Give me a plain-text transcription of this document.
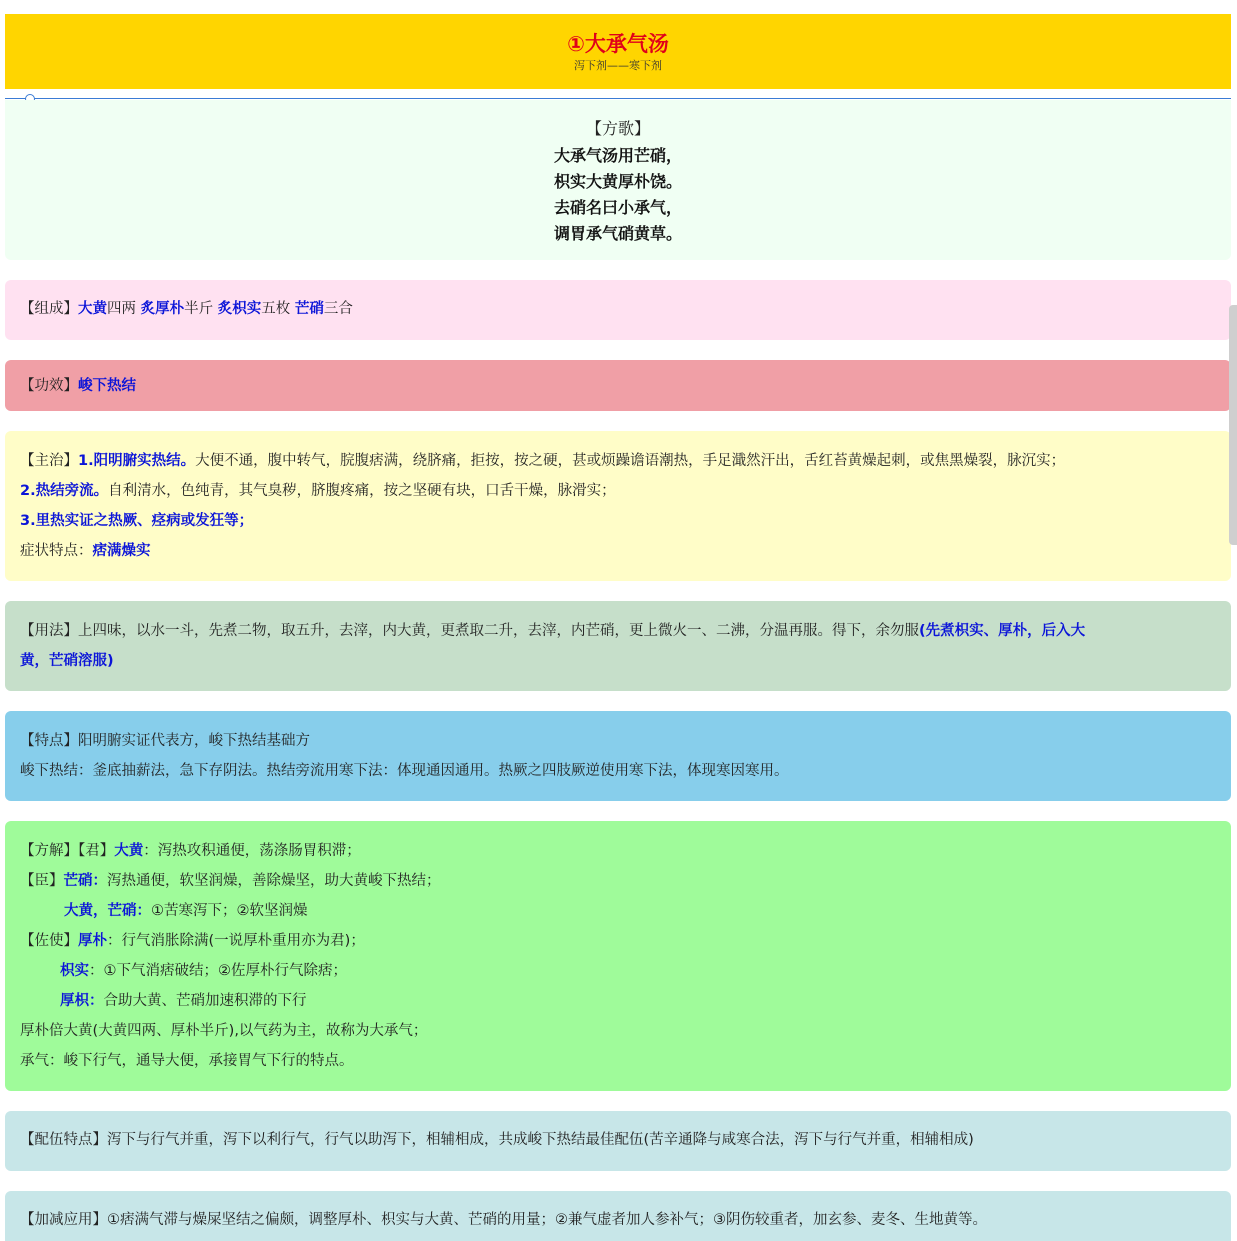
①大承气汤
泻下剂——寒下剂
【方歌】
大承气汤用芒硝，
枳实大黄厚朴饶。
去硝名曰小承气，
调胃承气硝黄草。
【组成】大黄四两 炙厚朴半斤 炙枳实五枚 芒硝三合
【功效】峻下热结
【主治】1.阳明腑实热结。大便不通，腹中转气，脘腹痞满，绕脐痛，拒按，按之硬，甚或烦躁谵语潮热，手足濈然汗出，舌红苔黄燥起刺，或焦黑燥裂，脉沉实；
2.热结旁流。自利清水，色纯青，其气臭秽，脐腹疼痛，按之坚硬有块，口舌干燥，脉滑实；
3.里热实证之热厥、痉病或发狂等；
症状特点：痞满燥实
【用法】上四味，以水一斗，先煮二物，取五升，去滓，内大黄，更煮取二升，去滓，内芒硝，更上微火一、二沸，分温再服。得下，余勿服(先煮枳实、厚朴，后入大
黄，芒硝溶服)
【特点】阳明腑实证代表方，峻下热结基础方
峻下热结：釜底抽薪法，急下存阴法。热结旁流用寒下法：体现通因通用。热厥之四肢厥逆使用寒下法，体现寒因寒用。
【方解】【君】大黄：泻热攻积通便，荡涤肠胃积滞；
【臣】芒硝：泻热通便，软坚润燥，善除燥坚，助大黄峻下热结；
大黄，芒硝：①苦寒泻下；②软坚润燥
【佐使】厚朴：行气消胀除满(一说厚朴重用亦为君)；
枳实：①下气消痞破结；②佐厚朴行气除痞；
厚枳：合助大黄、芒硝加速积滞的下行
厚朴倍大黄(大黄四两、厚朴半斤),以气药为主，故称为大承气；
承气：峻下行气，通导大便，承接胃气下行的特点。
【配伍特点】泻下与行气并重，泻下以利行气，行气以助泻下，相辅相成，共成峻下热结最佳配伍(苦辛通降与咸寒合法，泻下与行气并重，相辅相成)
【加减应用】①痞满气滞与燥屎坚结之偏颇，调整厚朴、枳实与大黄、芒硝的用量；②兼气虚者加人参补气；③阴伤较重者，加玄参、麦冬、生地黄等。
